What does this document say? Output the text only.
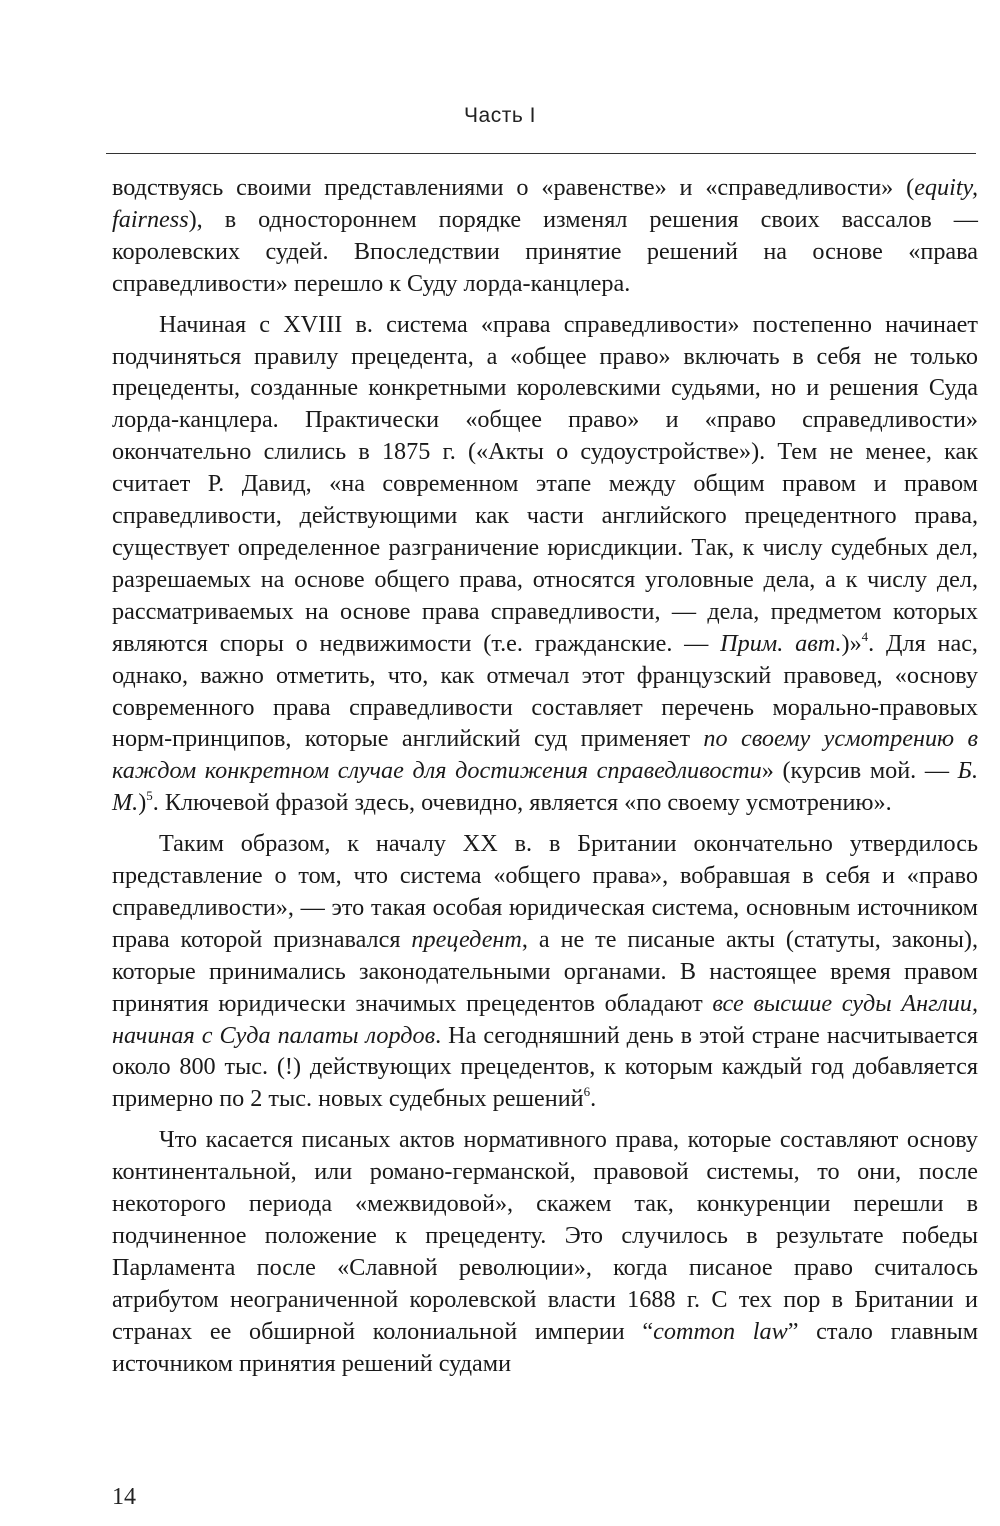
Часть I

водствуясь своими представлениями о «равенстве» и «справедливости» (equity, fairness), в одностороннем порядке изменял решения своих вассалов — королевских судей. Впоследствии принятие решений на основе «права справедливости» перешло к Суду лорда-канцлера.

Начиная с XVIII в. система «права справедливости» постепенно начинает подчиняться правилу прецедента, а «общее право» включать в себя не только прецеденты, созданные конкретными королевскими судьями, но и решения Суда лорда-канцлера. Практически «общее право» и «право справедливости» окончательно слились в 1875 г. («Акты о судоустройстве»). Тем не менее, как считает Р. Давид, «на современном этапе между общим правом и правом справедливости, действующими как части английского прецедентного права, существует определенное разграничение юрисдикции. Так, к числу судебных дел, разрешаемых на основе общего права, относятся уголовные дела, а к числу дел, рассматриваемых на основе права справедливости, — дела, предметом которых являются споры о недвижимости (т.е. гражданские. — Прим. авт.)»$^4$. Для нас, однако, важно отметить, что, как отмечал этот французский правовед, «основу современного права справедливости составляет перечень морально-правовых норм-принципов, которые английский суд применяет по своему усмотрению в каждом конкретном случае для достижения справедливости» (курсив мой. — Б. М.)$^5$. Ключевой фразой здесь, очевидно, является «по своему усмотрению».

Таким образом, к началу XX в. в Британии окончательно утвердилось представление о том, что система «общего права», вобравшая в себя и «право справедливости», — это такая особая юридическая система, основным источником права которой признавался прецедент, а не те писаные акты (статуты, законы), которые принимались законодательными органами. В настоящее время правом принятия юридически значимых прецедентов обладают все высшие суды Англии, начиная с Суда палаты лордов. На сегодняшний день в этой стране насчитывается около 800 тыс. (!) действующих прецедентов, к которым каждый год добавляется примерно по 2 тыс. новых судебных решений$^6$.

Что касается писаных актов нормативного права, которые составляют основу континентальной, или романо-германской, правовой системы, то они, после некоторого периода «межвидовой», скажем так, конкуренции перешли в подчиненное положение к прецеденту. Это случилось в результате победы Парламента после «Славной революции», когда писаное право считалось атрибутом неограниченной королевской власти 1688 г. С тех пор в Британии и странах ее обширной колониальной империи “common law” стало главным источником принятия решений судами

14
